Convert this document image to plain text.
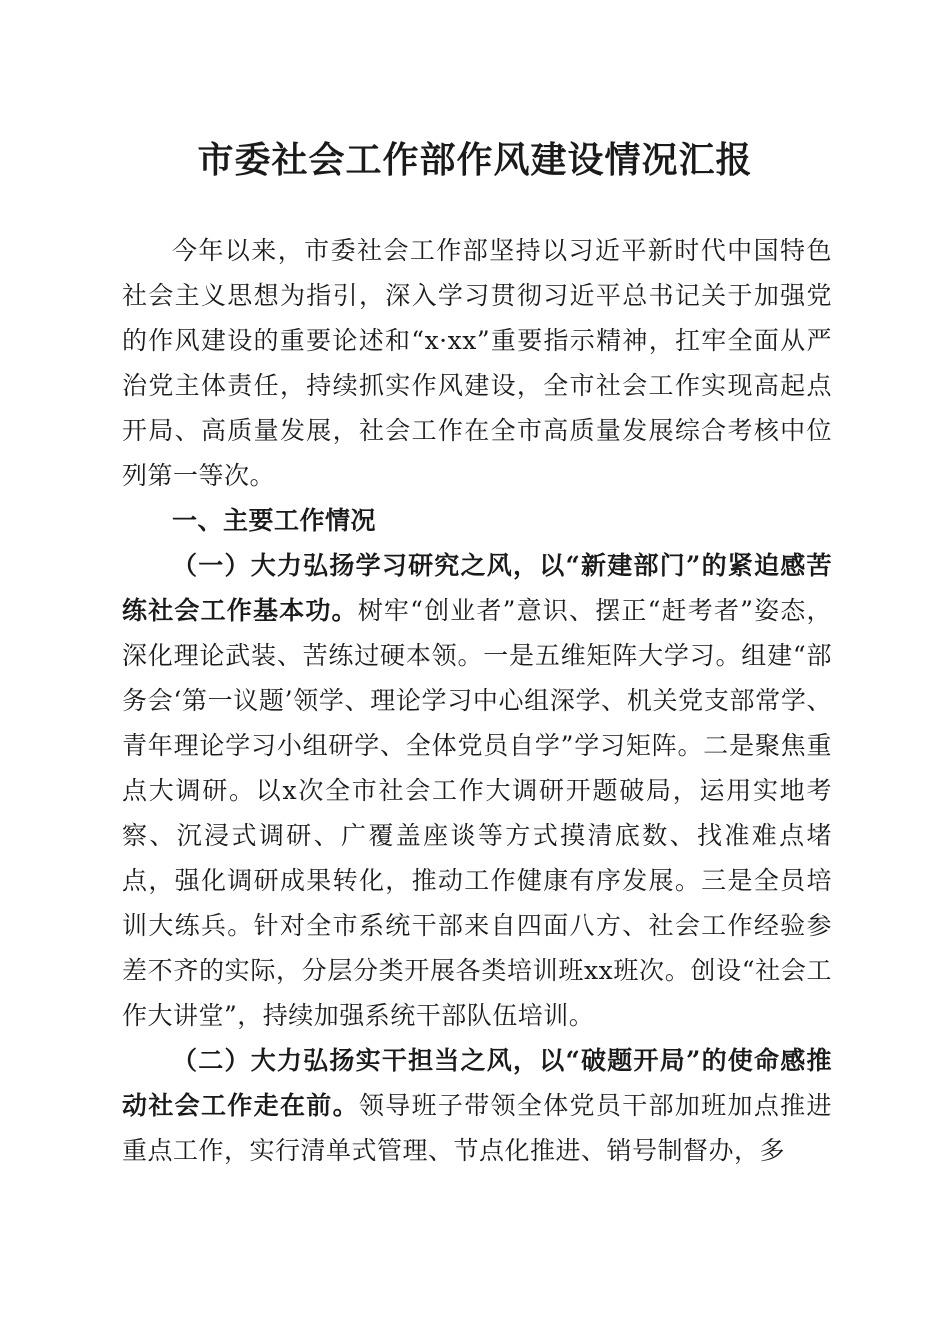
市委社会工作部作风建设情况汇报

今年以来，市委社会工作部坚持以习近平新时代中国特色社会主义思想为指引，深入学习贯彻习近平总书记关于加强党的作风建设的重要论述和“x·xx”重要指示精神，扛牢全面从严治党主体责任，持续抓实作风建设，全市社会工作实现高起点开局、高质量发展，社会工作在全市高质量发展综合考核中位列第一等次。

一、主要工作情况

（一）大力弘扬学习研究之风，以“新建部门”的紧迫感苦练社会工作基本功。树牢“创业者”意识、摆正“赶考者”姿态，深化理论武装、苦练过硬本领。一是五维矩阵大学习。组建“部务会‘第一议题’领学、理论学习中心组深学、机关党支部常学、青年理论学习小组研学、全体党员自学”学习矩阵。二是聚焦重点大调研。以x次全市社会工作大调研开题破局，运用实地考察、沉浸式调研、广覆盖座谈等方式摸清底数、找准难点堵点，强化调研成果转化，推动工作健康有序发展。三是全员培训大练兵。针对全市系统干部来自四面八方、社会工作经验参差不齐的实际，分层分类开展各类培训班xx班次。创设“社会工作大讲堂”，持续加强系统干部队伍培训。

（二）大力弘扬实干担当之风，以“破题开局”的使命感推动社会工作走在前。领导班子带领全体党员干部加班加点推进重点工作，实行清单式管理、节点化推进、销号制督办，多
